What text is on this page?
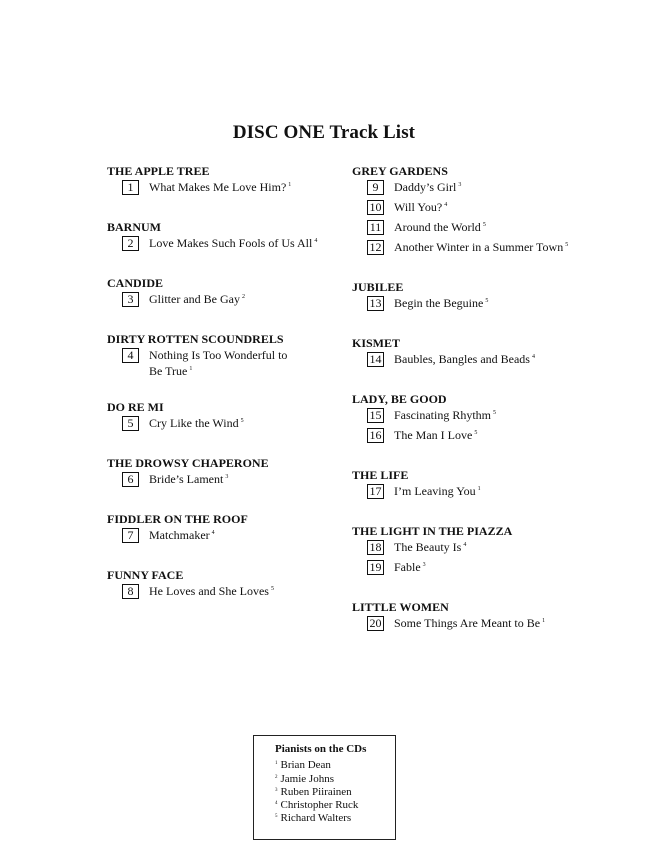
DISC ONE Track List
THE APPLE TREE
1	What Makes Me Love Him? $^1$
BARNUM
2	Love Makes Such Fools of Us All $^4$
CANDIDE
3	Glitter and Be Gay $^2$
DIRTY ROTTEN SCOUNDRELS
4	Nothing Is Too Wonderful to Be True $^1$
DO RE MI
5	Cry Like the Wind $^5$
THE DROWSY CHAPERONE
6	Bride’s Lament $^3$
FIDDLER ON THE ROOF
7	Matchmaker $^4$
FUNNY FACE
8	He Loves and She Loves $^5$
GREY GARDENS
9	Daddy’s Girl $^3$
10 Will You? $^4$
11 Around the World $^5$
12 Another Winter in a Summer Town $^5$
JUBILEE
13 Begin the Beguine $^5$
KISMET
14 Baubles, Bangles and Beads $^4$
LADY, BE GOOD
15 Fascinating Rhythm $^5$
16 The Man I Love $^5$
THE LIFE
17 I’m Leaving You $^1$
THE LIGHT IN THE PIAZZA
18 The Beauty Is $^4$
19 Fable $^3$
LITTLE WOMEN
20 Some Things Are Meant to Be $^1$
Pianists on the CDs
$^1$ Brian Dean
$^2$ Jamie Johns
$^3$ Ruben Piirainen
$^4$ Christopher Ruck
$^5$ Richard Walters
